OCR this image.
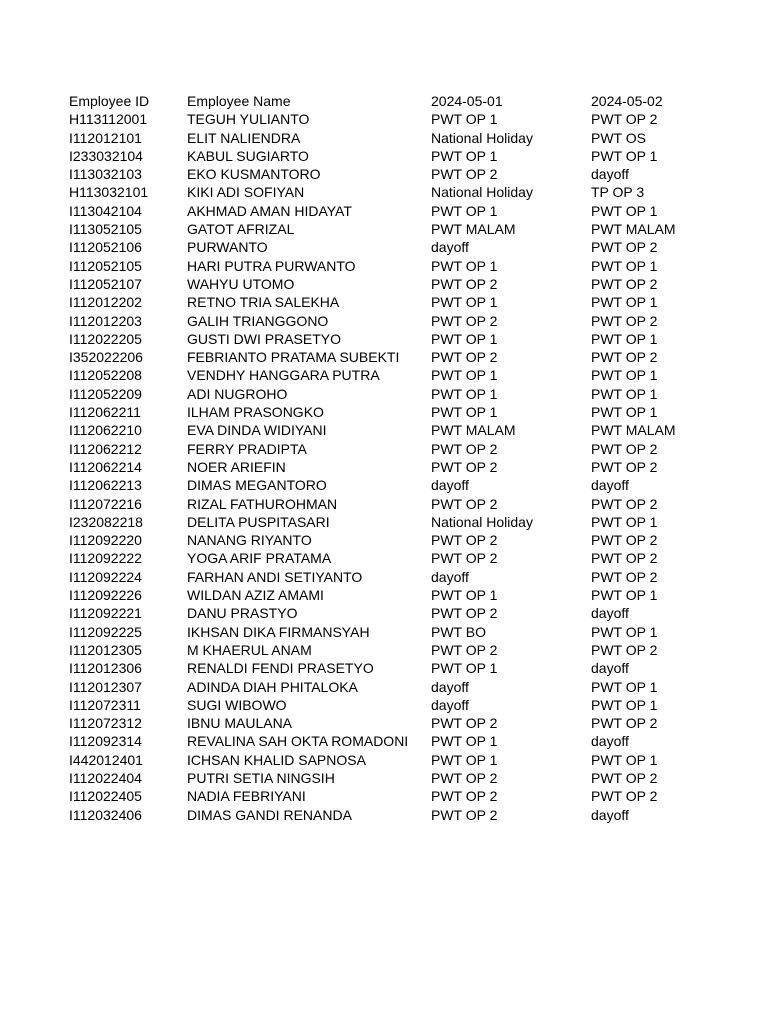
Employee ID	Employee Name	2024-05-01	2024-05-02
H113112001	TEGUH YULIANTO	PWT OP 1	PWT OP 2
I112012101	ELIT NALIENDRA	National Holiday	PWT OS
I233032104	KABUL SUGIARTO	PWT OP 1	PWT OP 1
I113032103	EKO KUSMANTORO	PWT OP 2	dayoff
H113032101	KIKI ADI SOFIYAN	National Holiday	TP OP 3
I113042104	AKHMAD AMAN HIDAYAT	PWT OP 1	PWT OP 1
I113052105	GATOT AFRIZAL	PWT MALAM	PWT MALAM
I112052106	PURWANTO	dayoff	PWT OP 2
I112052105	HARI PUTRA PURWANTO	PWT OP 1	PWT OP 1
I112052107	WAHYU UTOMO	PWT OP 2	PWT OP 2
I112012202	RETNO TRIA SALEKHA	PWT OP 1	PWT OP 1
I112012203	GALIH TRIANGGONO	PWT OP 2	PWT OP 2
I112022205	GUSTI DWI PRASETYO	PWT OP 1	PWT OP 1
I352022206	FEBRIANTO PRATAMA SUBEKTI	PWT OP 2	PWT OP 2
I112052208	VENDHY HANGGARA PUTRA	PWT OP 1	PWT OP 1
I112052209	ADI NUGROHO	PWT OP 1	PWT OP 1
I112062211	ILHAM PRASONGKO	PWT OP 1	PWT OP 1
I112062210	EVA DINDA WIDIYANI	PWT MALAM	PWT MALAM
I112062212	FERRY PRADIPTA	PWT OP 2	PWT OP 2
I112062214	NOER ARIEFIN	PWT OP 2	PWT OP 2
I112062213	DIMAS MEGANTORO	dayoff	dayoff
I112072216	RIZAL FATHUROHMAN	PWT OP 2	PWT OP 2
I232082218	DELITA PUSPITASARI	National Holiday	PWT OP 1
I112092220	NANANG RIYANTO	PWT OP 2	PWT OP 2
I112092222	YOGA ARIF PRATAMA	PWT OP 2	PWT OP 2
I112092224	FARHAN ANDI SETIYANTO	dayoff	PWT OP 2
I112092226	WILDAN AZIZ AMAMI	PWT OP 1	PWT OP 1
I112092221	DANU PRASTYO	PWT OP 2	dayoff
I112092225	IKHSAN DIKA FIRMANSYAH	PWT BO	PWT OP 1
I112012305	M KHAERUL ANAM	PWT OP 2	PWT OP 2
I112012306	RENALDI FENDI PRASETYO	PWT OP 1	dayoff
I112012307	ADINDA DIAH PHITALOKA	dayoff	PWT OP 1
I112072311	SUGI WIBOWO	dayoff	PWT OP 1
I112072312	IBNU MAULANA	PWT OP 2	PWT OP 2
I112092314	REVALINA SAH OKTA ROMADONI	PWT OP 1	dayoff
I442012401	ICHSAN KHALID SAPNOSA	PWT OP 1	PWT OP 1
I112022404	PUTRI SETIA NINGSIH	PWT OP 2	PWT OP 2
I112022405	NADIA FEBRIYANI	PWT OP 2	PWT OP 2
I112032406	DIMAS GANDI RENANDA	PWT OP 2	dayoff
